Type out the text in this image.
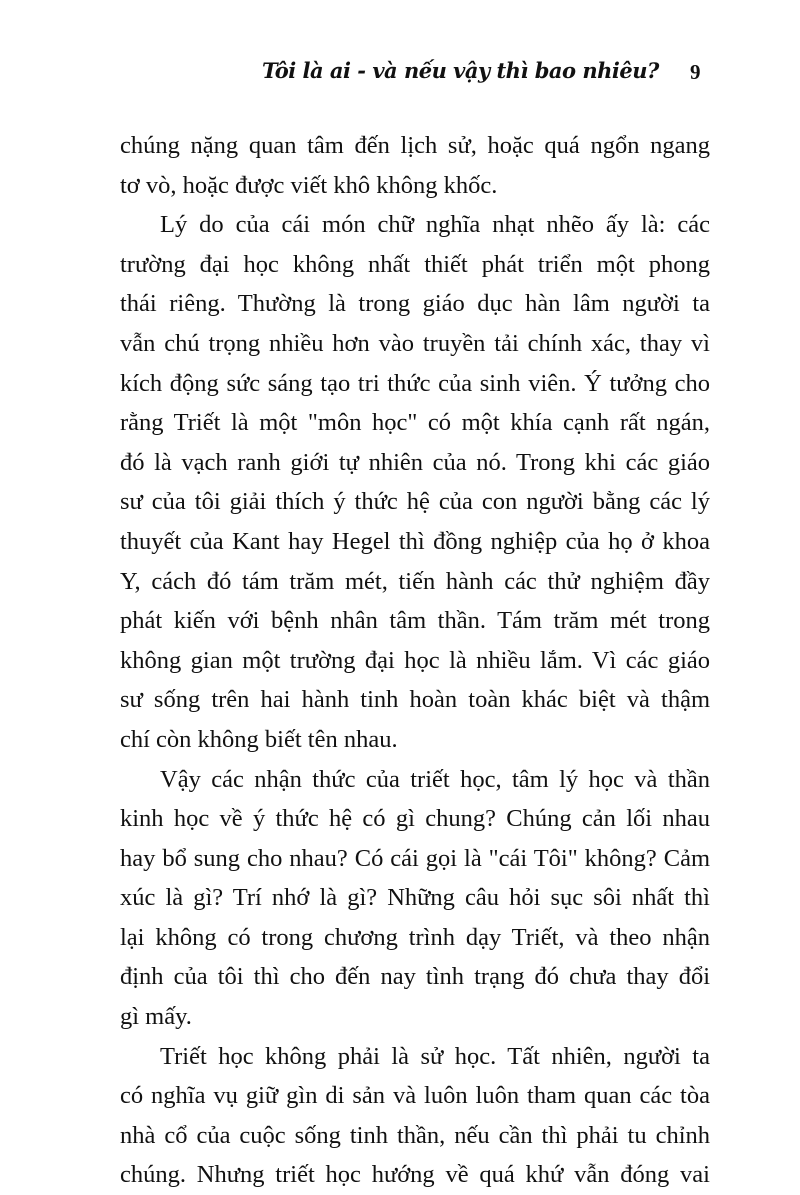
Tôi là ai - và nếu vậy thì bao nhiêu? 9
chúng nặng quan tâm đến lịch sử, hoặc quá ngổn ngang
tơ vò, hoặc được viết khô không khốc.
Lý do của cái món chữ nghĩa nhạt nhẽo ấy là: các
trường đại học không nhất thiết phát triển một phong
thái riêng. Thường là trong giáo dục hàn lâm người ta
vẫn chú trọng nhiều hơn vào truyền tải chính xác, thay vì
kích động sức sáng tạo tri thức của sinh viên. Ý tưởng cho
rằng Triết là một "môn học" có một khía cạnh rất ngán,
đó là vạch ranh giới tự nhiên của nó. Trong khi các giáo
sư của tôi giải thích ý thức hệ của con người bằng các lý
thuyết của Kant hay Hegel thì đồng nghiệp của họ ở khoa
Y, cách đó tám trăm mét, tiến hành các thử nghiệm đầy
phát kiến với bệnh nhân tâm thần. Tám trăm mét trong
không gian một trường đại học là nhiều lắm. Vì các giáo
sư sống trên hai hành tinh hoàn toàn khác biệt và thậm
chí còn không biết tên nhau.
Vậy các nhận thức của triết học, tâm lý học và thần
kinh học về ý thức hệ có gì chung? Chúng cản lối nhau
hay bổ sung cho nhau? Có cái gọi là "cái Tôi" không? Cảm
xúc là gì? Trí nhớ là gì? Những câu hỏi sục sôi nhất thì
lại không có trong chương trình dạy Triết, và theo nhận
định của tôi thì cho đến nay tình trạng đó chưa thay đổi
gì mấy.
Triết học không phải là sử học. Tất nhiên, người ta
có nghĩa vụ giữ gìn di sản và luôn luôn tham quan các tòa
nhà cổ của cuộc sống tinh thần, nếu cần thì phải tu chỉnh
chúng. Nhưng triết học hướng về quá khứ vẫn đóng vai
